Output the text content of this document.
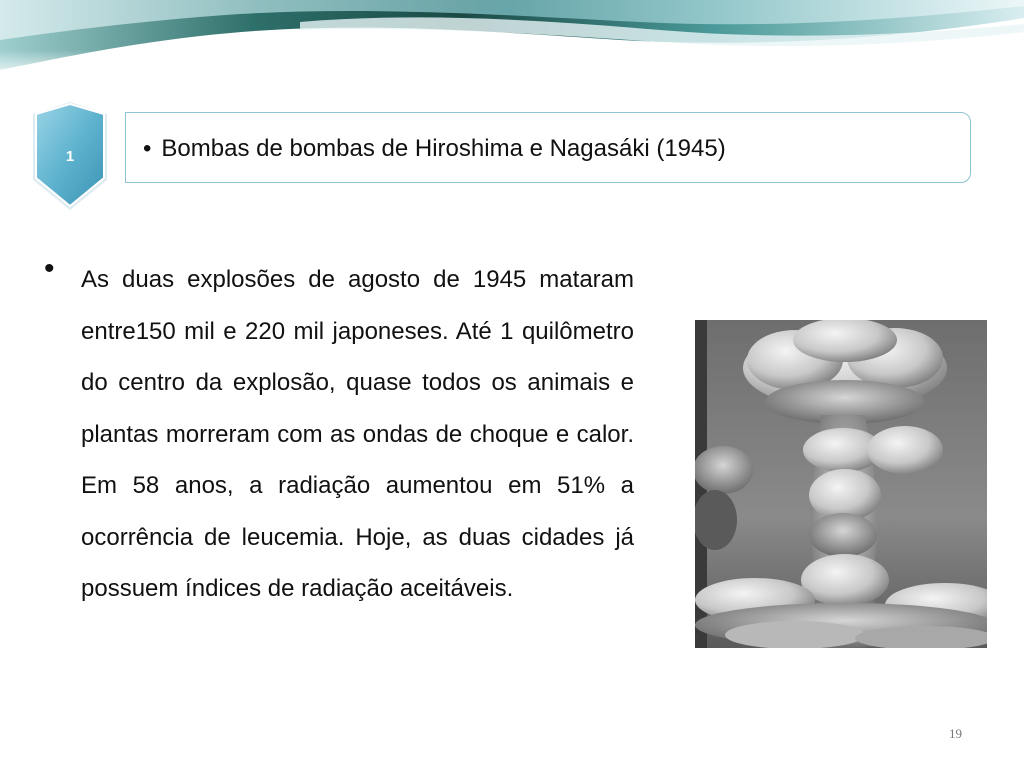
1	• Bombas de bombas de Hiroshima e Nagasáki (1945)
• As duas explosões de agosto de 1945 mataram entre150 mil e 220 mil japoneses. Até 1 quilômetro do centro da explosão, quase todos os animais e plantas morreram com as ondas de choque e calor. Em 58 anos, a radiação aumentou em 51% a ocorrência de leucemia. Hoje, as duas cidades já possuem índices de radiação aceitáveis.
19
